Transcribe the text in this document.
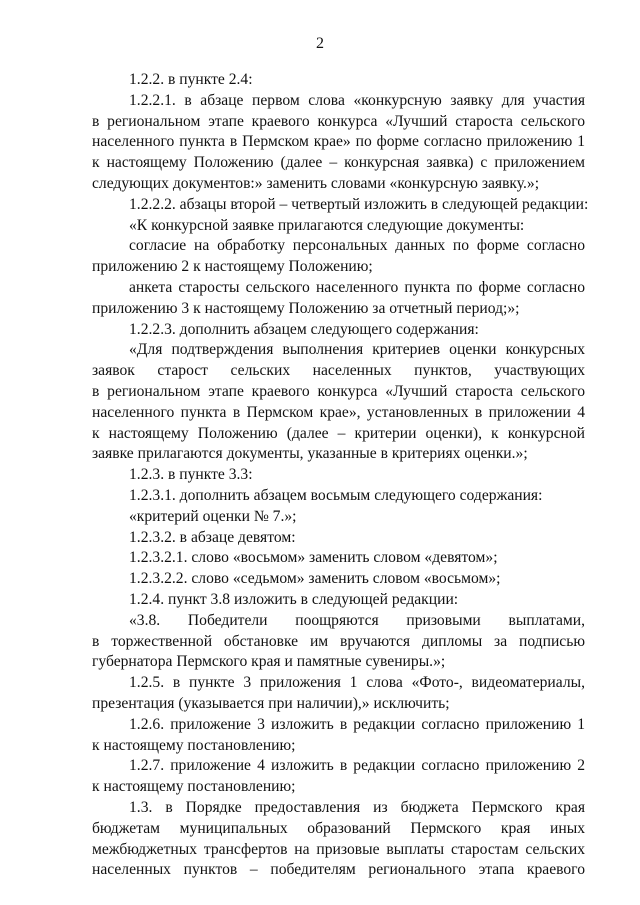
2
1.2.2. в пункте 2.4:
1.2.2.1. в абзаце первом слова «конкурсную заявку для участия
в региональном этапе краевого конкурса «Лучший староста сельского
населенного пункта в Пермском крае» по форме согласно приложению 1
к настоящему Положению (далее – конкурсная заявка) с приложением
следующих документов:» заменить словами «конкурсную заявку.»;
1.2.2.2. абзацы второй – четвертый изложить в следующей редакции:
«К конкурсной заявке прилагаются следующие документы:
согласие на обработку персональных данных по форме согласно
приложению 2 к настоящему Положению;
анкета старосты сельского населенного пункта по форме согласно
приложению 3 к настоящему Положению за отчетный период;»;
1.2.2.3. дополнить абзацем следующего содержания:
«Для подтверждения выполнения критериев оценки конкурсных
заявок старост сельских населенных пунктов, участвующих
в региональном этапе краевого конкурса «Лучший староста сельского
населенного пункта в Пермском крае», установленных в приложении 4
к настоящему Положению (далее – критерии оценки), к конкурсной
заявке прилагаются документы, указанные в критериях оценки.»;
1.2.3. в пункте 3.3:
1.2.3.1. дополнить абзацем восьмым следующего содержания:
«критерий оценки № 7.»;
1.2.3.2. в абзаце девятом:
1.2.3.2.1. слово «восьмом» заменить словом «девятом»;
1.2.3.2.2. слово «седьмом» заменить словом «восьмом»;
1.2.4. пункт 3.8 изложить в следующей редакции:
«3.8. Победители поощряются призовыми выплатами,
в торжественной обстановке им вручаются дипломы за подписью
губернатора Пермского края и памятные сувениры.»;
1.2.5. в пункте 3 приложения 1 слова «Фото-, видеоматериалы,
презентация (указывается при наличии),» исключить;
1.2.6. приложение 3 изложить в редакции согласно приложению 1
к настоящему постановлению;
1.2.7. приложение 4 изложить в редакции согласно приложению 2
к настоящему постановлению;
1.3. в Порядке предоставления из бюджета Пермского края
бюджетам муниципальных образований Пермского края иных
межбюджетных трансфертов на призовые выплаты старостам сельских
населенных пунктов – победителям регионального этапа краевого
